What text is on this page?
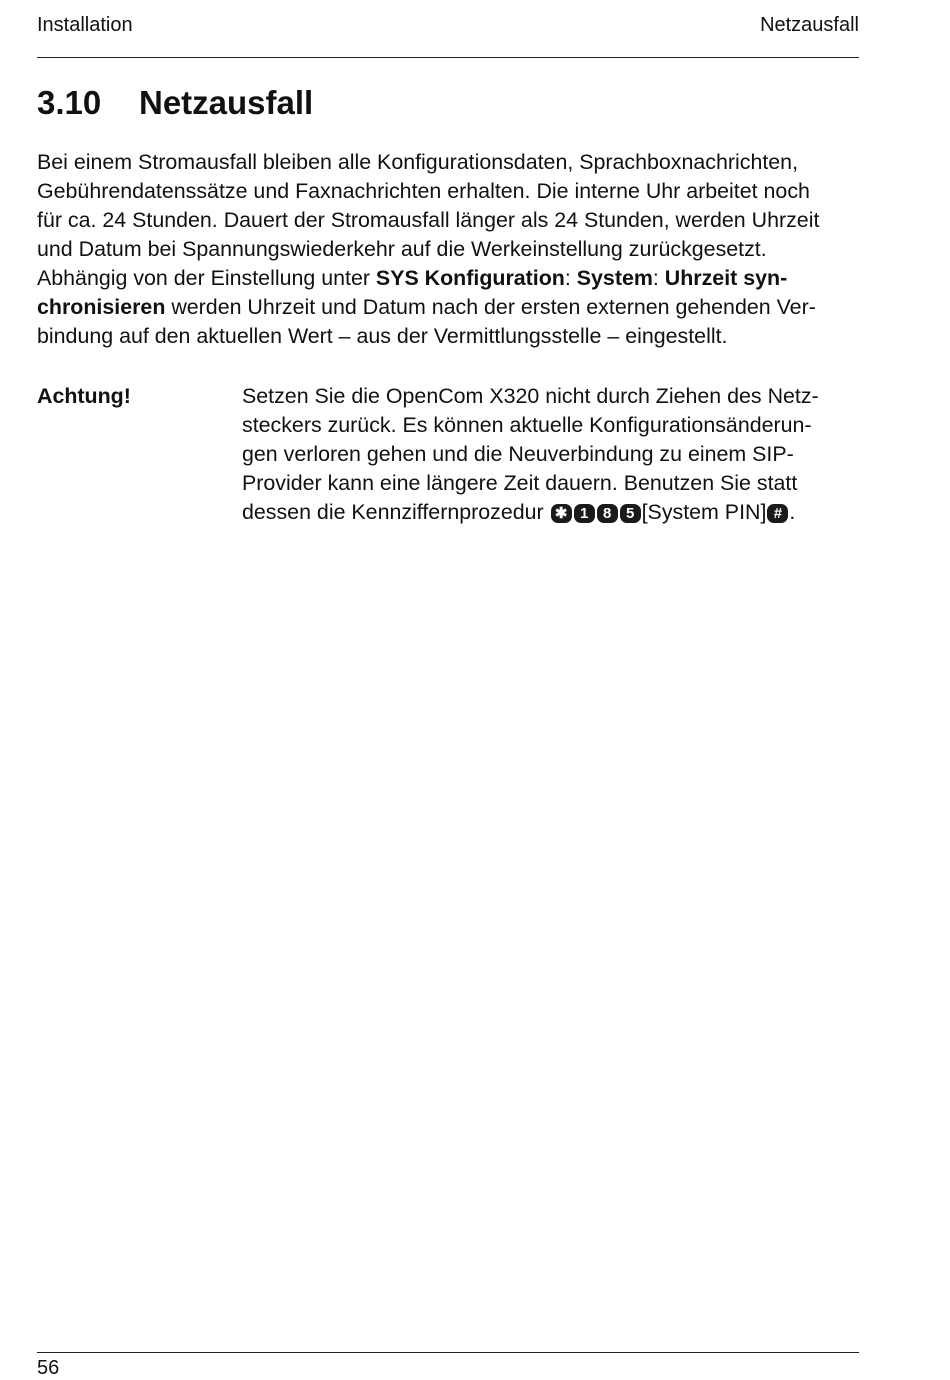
Installation	Netzausfall
3.10 Netzausfall

Bei einem Stromausfall bleiben alle Konfigurationsdaten, Sprachboxnachrichten,
Gebührendatenssätze und Faxnachrichten erhalten. Die interne Uhr arbeitet noch
für ca. 24 Stunden. Dauert der Stromausfall länger als 24 Stunden, werden Uhrzeit
und Datum bei Spannungswiederkehr auf die Werkeinstellung zurückgesetzt.
Abhängig von der Einstellung unter SYS Konfiguration: System: Uhrzeit syn-
chronisieren werden Uhrzeit und Datum nach der ersten externen gehenden Ver-
bindung auf den aktuellen Wert – aus der Vermittlungsstelle – eingestellt.

Achtung!	Setzen Sie die OpenCom X320 nicht durch Ziehen des Netz-
steckers zurück. Es können aktuelle Konfigurationsänderun-
gen verloren gehen und die Neuverbindung zu einem SIP-
Provider kann eine längere Zeit dauern. Benutzen Sie statt
dessen die Kennziffernprozedur ✱ 1 8 5 [System PIN] # .
56
